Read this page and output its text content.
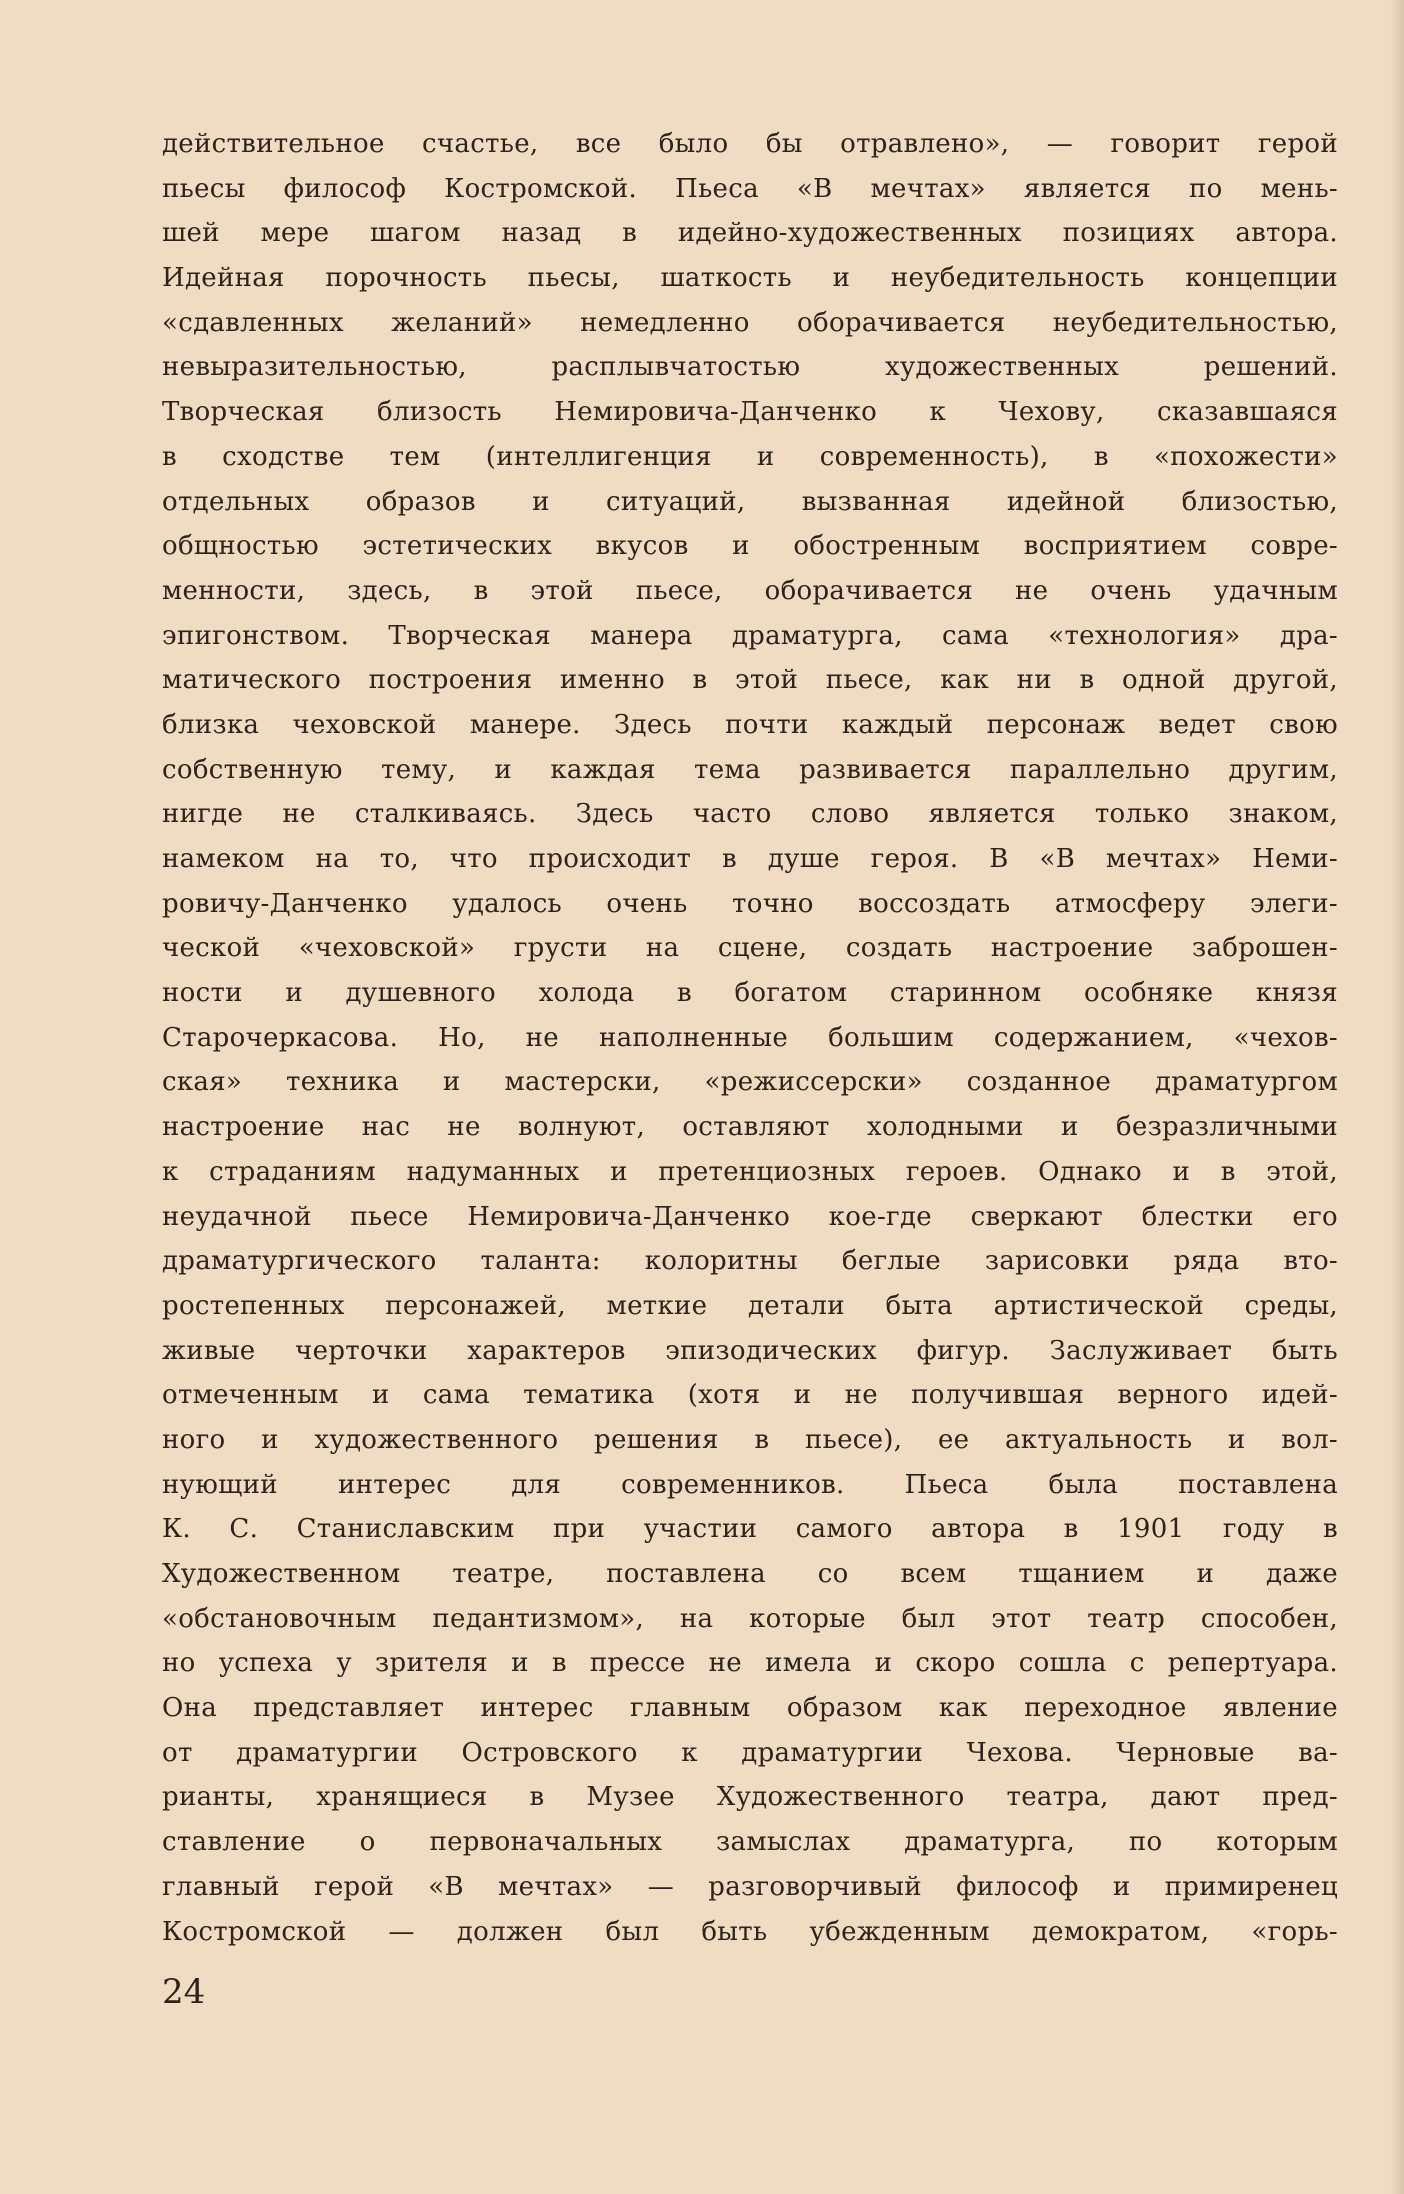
действительное счастье, все было бы отравлено», — говорит герой
пьесы философ Костромской. Пьеса «В мечтах» является по мень-
шей мере шагом назад в идейно-художественных позициях автора.
Идейная порочность пьесы, шаткость и неубедительность концепции
«сдавленных желаний» немедленно оборачивается неубедительностью,
невыразительностью, расплывчатостью художественных решений.
Творческая близость Немировича-Данченко к Чехову, сказавшаяся
в сходстве тем (интеллигенция и современность), в «похожести»
отдельных образов и ситуаций, вызванная идейной близостью,
общностью эстетических вкусов и обостренным восприятием совре-
менности, здесь, в этой пьесе, оборачивается не очень удачным
эпигонством. Творческая манера драматурга, сама «технология» дра-
матического построения именно в этой пьесе, как ни в одной другой,
близка чеховской манере. Здесь почти каждый персонаж ведет свою
собственную тему, и каждая тема развивается параллельно другим,
нигде не сталкиваясь. Здесь часто слово является только знаком,
намеком на то, что происходит в душе героя. В «В мечтах» Неми-
ровичу-Данченко удалось очень точно воссоздать атмосферу элеги-
ческой «чеховской» грусти на сцене, создать настроение заброшен-
ности и душевного холода в богатом старинном особняке князя
Старочеркасова. Но, не наполненные большим содержанием, «чехов-
ская» техника и мастерски, «режиссерски» созданное драматургом
настроение нас не волнуют, оставляют холодными и безразличными
к страданиям надуманных и претенциозных героев. Однако и в этой,
неудачной пьесе Немировича-Данченко кое-где сверкают блестки его
драматургического таланта: колоритны беглые зарисовки ряда вто-
ростепенных персонажей, меткие детали быта артистической среды,
живые черточки характеров эпизодических фигур. Заслуживает быть
отмеченным и сама тематика (хотя и не получившая верного идей-
ного и художественного решения в пьесе), ее актуальность и вол-
нующий интерес для современников. Пьеса была поставлена
К. С. Станиславским при участии самого автора в 1901 году в
Художественном театре, поставлена со всем тщанием и даже
«обстановочным педантизмом», на которые был этот театр способен,
но успеха у зрителя и в прессе не имела и скоро сошла с репертуара.
Она представляет интерес главным образом как переходное явление
от драматургии Островского к драматургии Чехова. Черновые ва-
рианты, хранящиеся в Музее Художественного театра, дают пред-
ставление о первоначальных замыслах драматурга, по которым
главный герой «В мечтах» — разговорчивый философ и примиренец
Костромской — должен был быть убежденным демократом, «горь-

24
